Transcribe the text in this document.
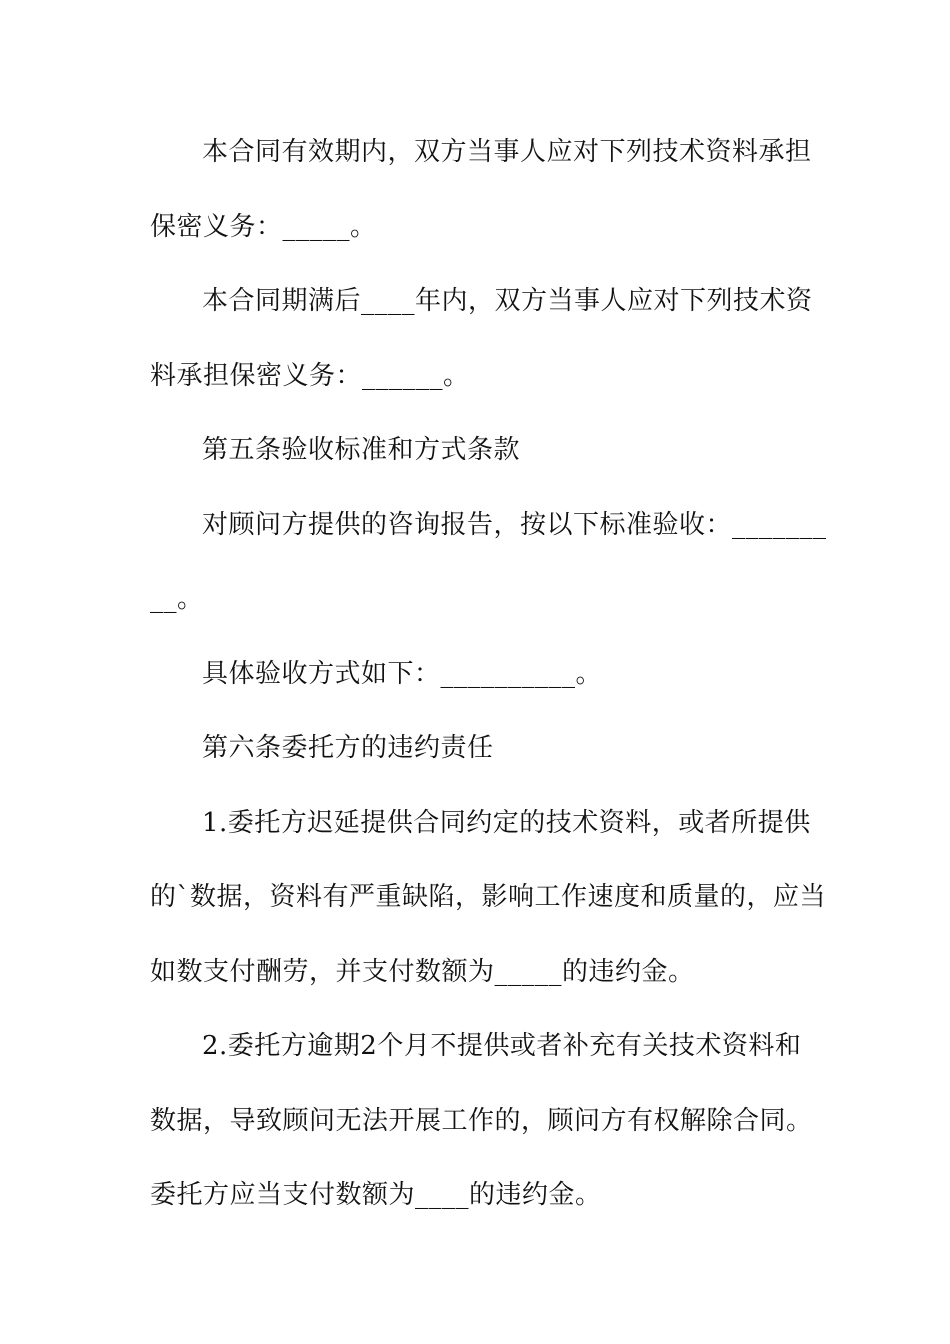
本合同有效期内，双方当事人应对下列技术资料承担
保密义务：_____。
本合同期满后____年内，双方当事人应对下列技术资
料承担保密义务：______。
第五条验收标准和方式条款
对顾问方提供的咨询报告，按以下标准验收：_______
__。
具体验收方式如下：__________。
第六条委托方的违约责任
1.委托方迟延提供合同约定的技术资料，或者所提供
的`数据，资料有严重缺陷，影响工作速度和质量的，应当
如数支付酬劳，并支付数额为_____的违约金。
2.委托方逾期2个月不提供或者补充有关技术资料和
数据，导致顾问无法开展工作的，顾问方有权解除合同。
委托方应当支付数额为____的违约金。
